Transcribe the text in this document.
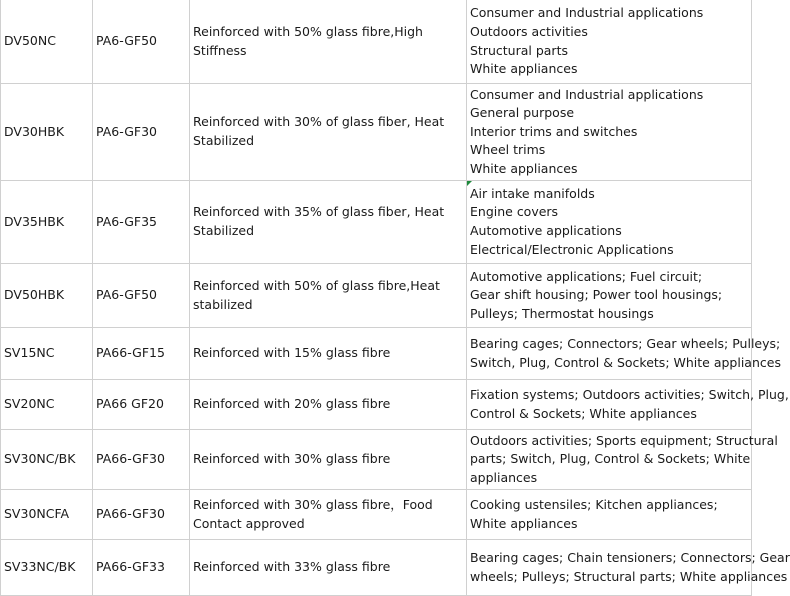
DV50NC	PA6-GF50	Reinforced with 50% glass fibre,High Stiffness	Consumer and Industrial applications
Outdoors activities
Structural parts
White appliances

DV30HBK	PA6-GF30	Reinforced with 30% of glass fiber, Heat Stabilized	Consumer and Industrial applications
General purpose
Interior trims and switches
Wheel trims
White appliances

DV35HBK	PA6-GF35	Reinforced with 35% of glass fiber, Heat Stabilized	Air intake manifolds
Engine covers
Automotive applications
Electrical/Electronic Applications

DV50HBK	PA6-GF50	Reinforced with 50% of glass fibre,Heat stabilized	Automotive applications; Fuel circuit;
Gear shift housing; Power tool housings;
Pulleys; Thermostat housings

SV15NC	PA66-GF15	Reinforced with 15% glass fibre	Bearing cages; Connectors; Gear wheels; Pulleys;
Switch, Plug, Control & Sockets; White appliances

SV20NC	PA66 GF20	Reinforced with 20% glass fibre	Fixation systems; Outdoors activities; Switch, Plug,
Control & Sockets; White appliances

SV30NC/BK	PA66-GF30	Reinforced with 30% glass fibre	Outdoors activities; Sports equipment; Structural
parts; Switch, Plug, Control & Sockets; White
appliances

SV30NCFA	PA66-GF30	Reinforced with 30% glass fibre，Food Contact approved	Cooking ustensiles; Kitchen appliances;
White appliances

SV33NC/BK	PA66-GF33	Reinforced with 33% glass fibre	Bearing cages; Chain tensioners; Connectors; Gear
wheels; Pulleys; Structural parts; White appliances
